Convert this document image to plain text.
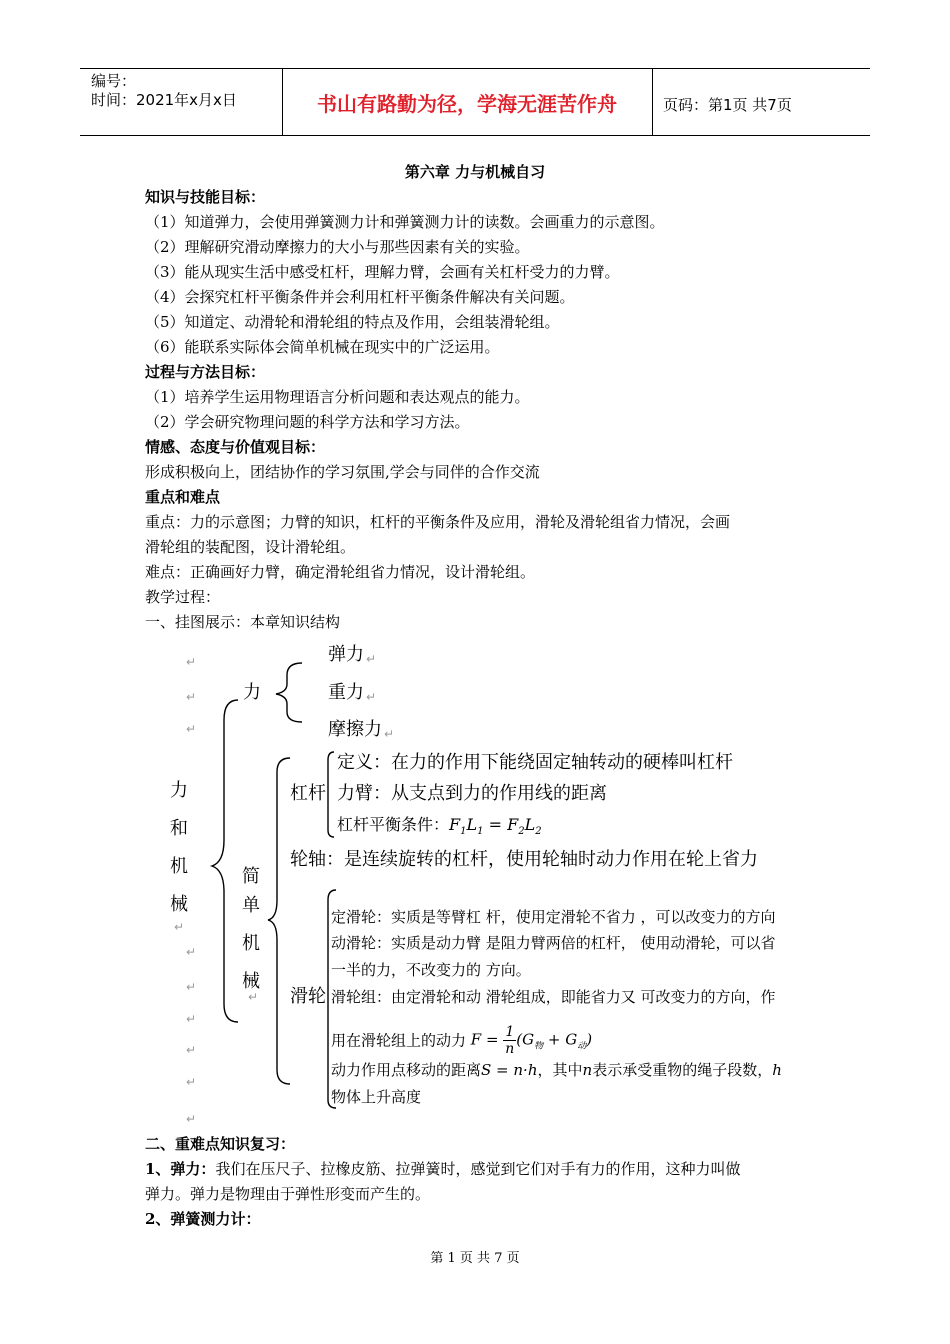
编号：
时间：2021年x月x日	书山有路勤为径，学海无涯苦作舟	页码：第1页 共7页
第六章 力与机械自习
知识与技能目标：
（1）知道弹力，会使用弹簧测力计和弹簧测力计的读数。会画重力的示意图。
（2）理解研究滑动摩擦力的大小与那些因素有关的实验。
（3）能从现实生活中感受杠杆，理解力臂，会画有关杠杆受力的力臂。
（4）会探究杠杆平衡条件并会利用杠杆平衡条件解决有关问题。
（5）知道定、动滑轮和滑轮组的特点及作用，会组装滑轮组。
（6）能联系实际体会简单机械在现实中的广泛运用。
过程与方法目标：
（1）培养学生运用物理语言分析问题和表达观点的能力。
（2）学会研究物理问题的科学方法和学习方法。
情感、态度与价值观目标：
形成积极向上，团结协作的学习氛围,学会与同伴的合作交流
重点和难点
重点：力的示意图；力臂的知识，杠杆的平衡条件及应用，滑轮及滑轮组省力情况，会画
滑轮组的装配图，设计滑轮组。
难点：正确画好力臂，确定滑轮组省力情况，设计滑轮组。
教学过程：
一、挂图展示：本章知识结构
↵
↵
↵
↵
↵
↵
↵
↵
↵
↵
力
和
机
械
力
弹力 ↵
重力 ↵
摩擦力 ↵
简
单
机
械
↵
杠杆
定义：在力的作用下能绕固定轴转动的硬棒叫杠杆
力臂：从支点到力的作用线的距离
杠杆平衡条件：$F_1L_1 = F_2L_2$
轮轴：是连续旋转的杠杆，使用轮轴时动力作用在轮上省力
滑轮
定滑轮：实质是等臂杠 杆，使用定滑轮不省力 ，可以改变力的方向
动滑轮：实质是动力臂 是阻力臂两倍的杠杆， 使用动滑轮，可以省
一半的力，不改变力的 方向。
滑轮组：由定滑轮和动 滑轮组成，即能省力又 可改变力的方向，作
用在滑轮组上的动力 $F = \frac{1}{n} (G_物 + G_动)$
动力作用点移动的距离S = n·h，其中n表示承受重物的绳子段数，h
物体上升高度
二、重难点知识复习：
1、弹力：我们在压尺子、拉橡皮筋、拉弹簧时，感觉到它们对手有力的作用，这种力叫做
弹力。弹力是物理由于弹性形变而产生的。
2、弹簧测力计：
第 1 页 共 7 页
